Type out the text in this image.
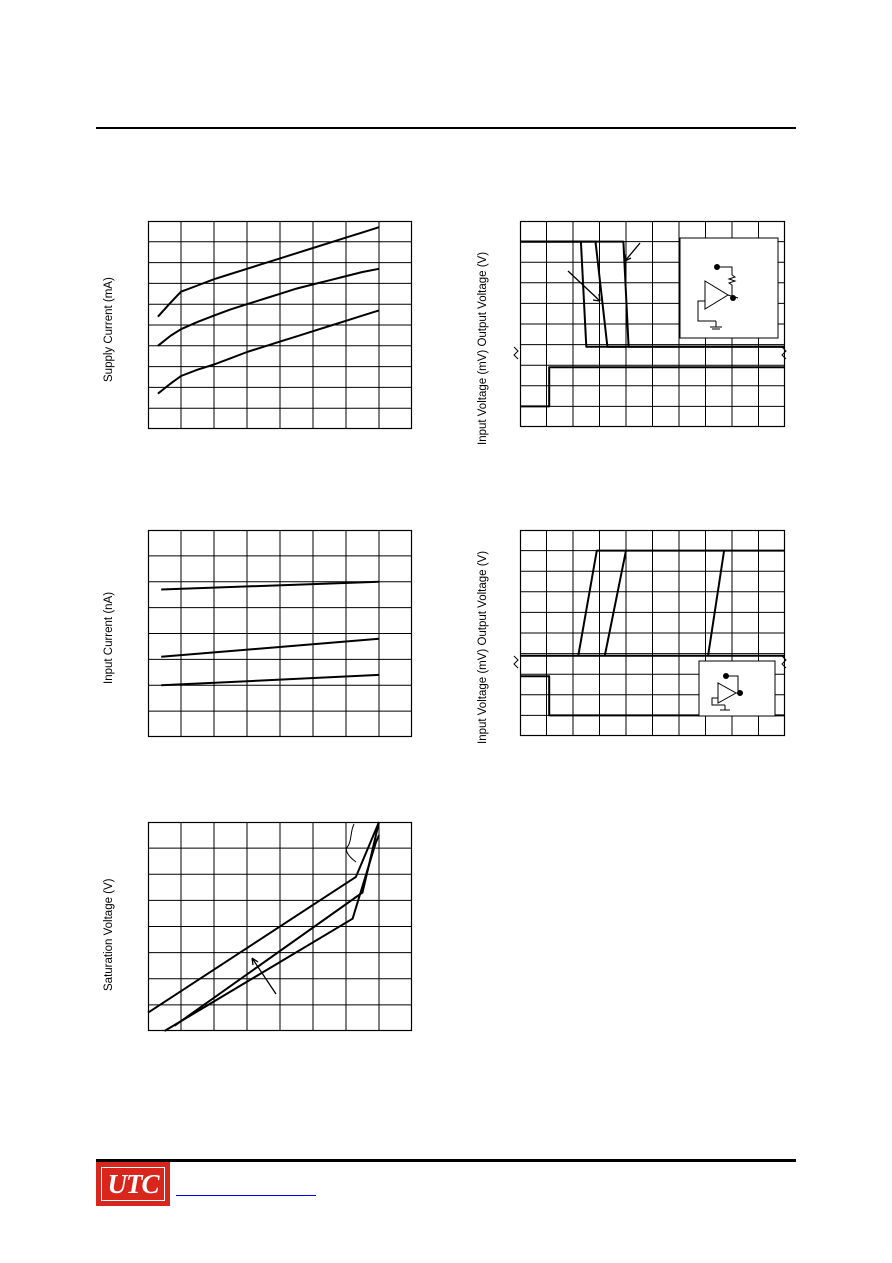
Supply Current (mA)	Input Voltage (mV) Output Voltage (V)
Input Current (nA)	Input Voltage (mV) Output Voltage (V)
Saturation Voltage (V)
UTC
